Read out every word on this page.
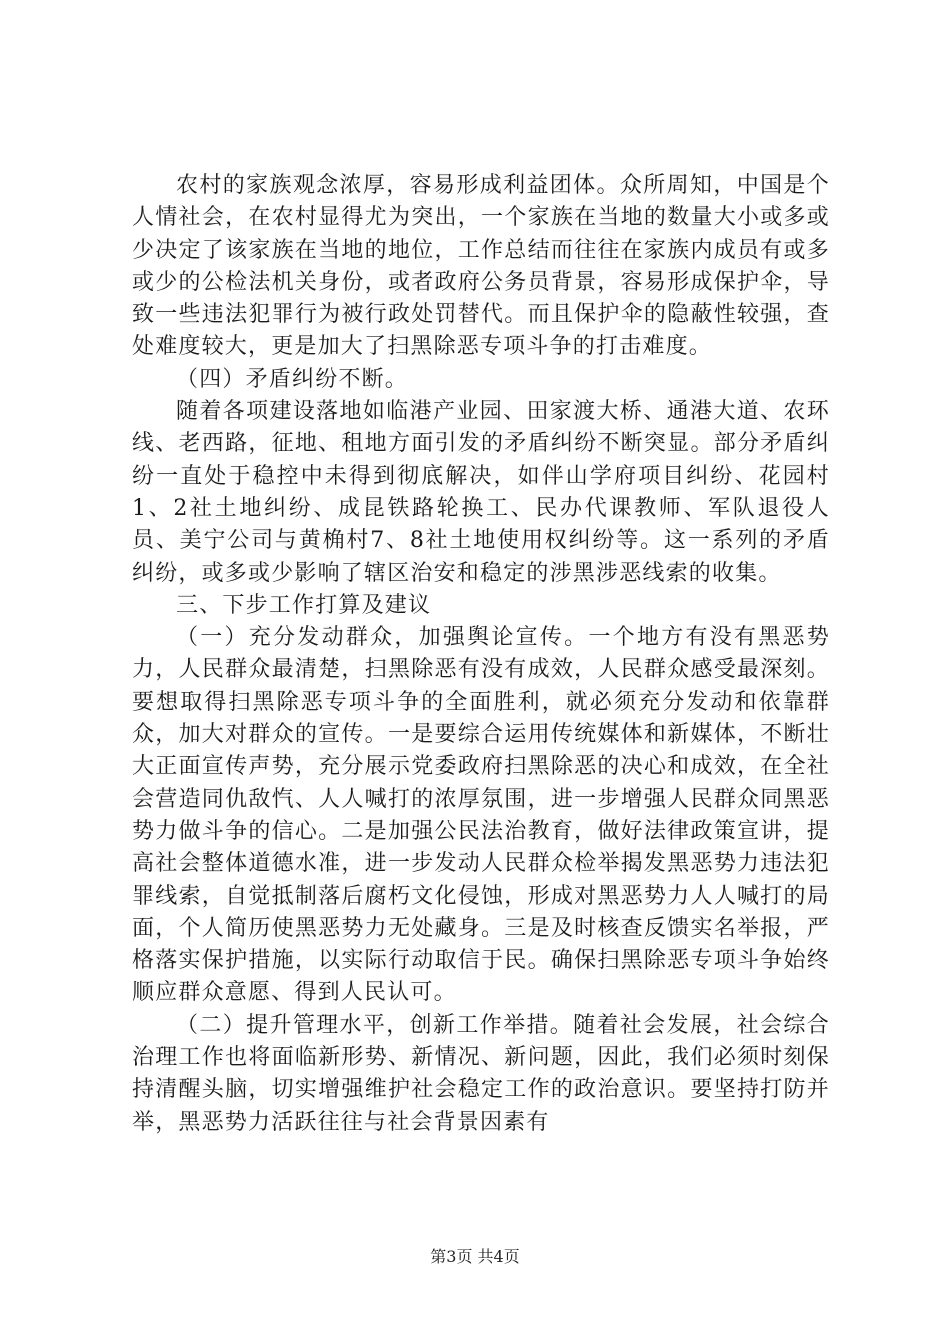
农村的家族观念浓厚，容易形成利益团体。众所周知，中国是个人情社会，在农村显得尤为突出，一个家族在当地的数量大小或多或少决定了该家族在当地的地位，工作总结而往往在家族内成员有或多或少的公检法机关身份，或者政府公务员背景，容易形成保护伞，导致一些违法犯罪行为被行政处罚替代。而且保护伞的隐蔽性较强，查处难度较大，更是加大了扫黑除恶专项斗争的打击难度。

（四）矛盾纠纷不断。

随着各项建设落地如临港产业园、田家渡大桥、通港大道、农环线、老西路，征地、租地方面引发的矛盾纠纷不断突显。部分矛盾纠纷一直处于稳控中未得到彻底解决，如伴山学府项目纠纷、花园村1、2社土地纠纷、成昆铁路轮换工、民办代课教师、军队退役人员、美宁公司与黄桷村7、8社土地使用权纠纷等。这一系列的矛盾纠纷，或多或少影响了辖区治安和稳定的涉黑涉恶线索的收集。

三、下步工作打算及建议

（一）充分发动群众，加强舆论宣传。一个地方有没有黑恶势力，人民群众最清楚，扫黑除恶有没有成效，人民群众感受最深刻。要想取得扫黑除恶专项斗争的全面胜利，就必须充分发动和依靠群众，加大对群众的宣传。一是要综合运用传统媒体和新媒体，不断壮大正面宣传声势，充分展示党委政府扫黑除恶的决心和成效，在全社会营造同仇敌忾、人人喊打的浓厚氛围，进一步增强人民群众同黑恶势力做斗争的信心。二是加强公民法治教育，做好法律政策宣讲，提高社会整体道德水准，进一步发动人民群众检举揭发黑恶势力违法犯罪线索，自觉抵制落后腐朽文化侵蚀，形成对黑恶势力人人喊打的局面，个人简历使黑恶势力无处藏身。三是及时核查反馈实名举报，严格落实保护措施，以实际行动取信于民。确保扫黑除恶专项斗争始终顺应群众意愿、得到人民认可。

（二）提升管理水平，创新工作举措。随着社会发展，社会综合治理工作也将面临新形势、新情况、新问题，因此，我们必须时刻保持清醒头脑，切实增强维护社会稳定工作的政治意识。要坚持打防并举，黑恶势力活跃往往与社会背景因素有

第3页 共4页
